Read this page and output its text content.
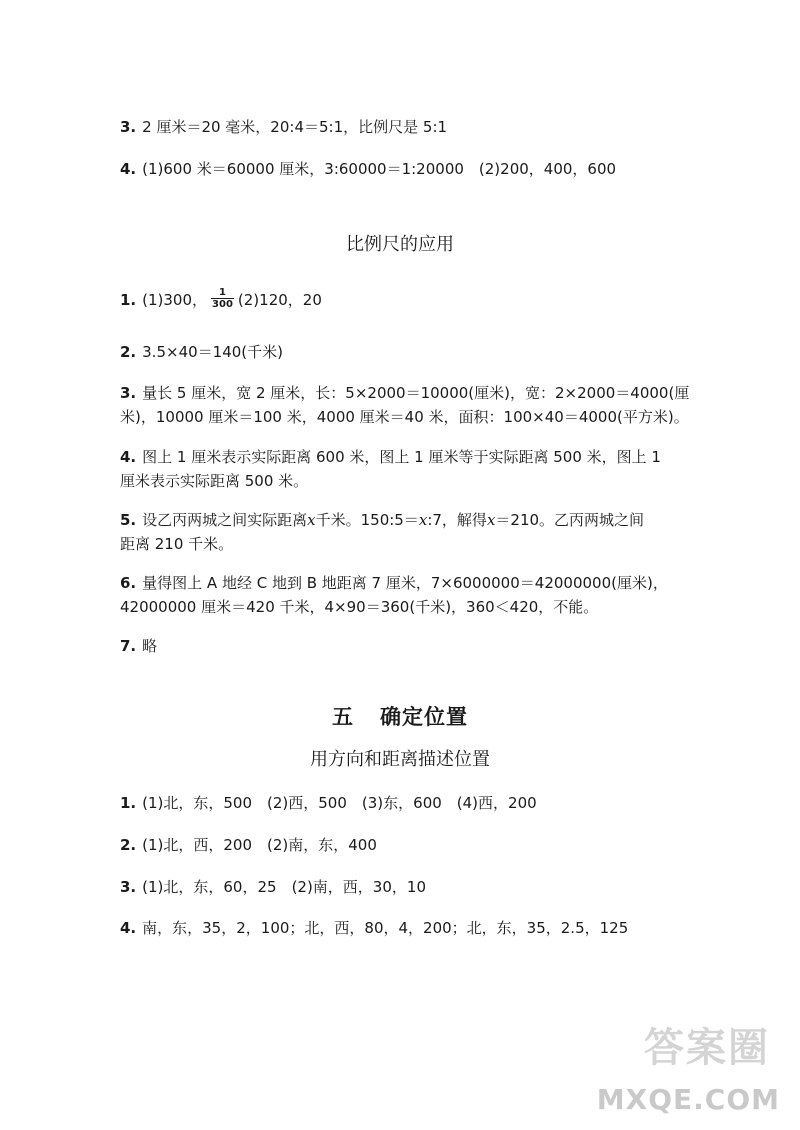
3. 2 厘米＝20 毫米，20:4＝5:1，比例尺是 5:1
4. (1)600 米＝60000 厘米，3:60000＝1:20000　(2)200，400，600
比例尺的应用
1. (1)300， $\frac{1}{300} (2)120$，20
2. 3.5×40＝140(千米)
3. 量长 5 厘米，宽 2 厘米，长：5×2000＝10000(厘米)，宽：2×2000＝4000(厘
米)，10000 厘米＝100 米，4000 厘米＝40 米，面积：100×40＝4000(平方米)。
4. 图上 1 厘米表示实际距离 600 米，图上 1 厘米等于实际距离 500 米，图上 1
厘米表示实际距离 500 米。
5. 设乙丙两城之间实际距离x千米。150:5＝x:7，解得x＝210。乙丙两城之间
距离 210 千米。
6. 量得图上 A 地经 C 地到 B 地距离 7 厘米，7×6000000＝42000000(厘米)，
42000000 厘米＝420 千米，4×90＝360(千米)，360＜420，不能。
7. 略
五 确定位置
用方向和距离描述位置
1. (1)北，东，500　(2)西，500　(3)东，600　(4)西，200
2. (1)北，西，200　(2)南，东，400
3. (1)北，东，60，25　(2)南，西，30，10
4. 南，东，35，2，100；北，西，80，4，200；北，东，35，2.5，125
答案圈
MXQE.COM
